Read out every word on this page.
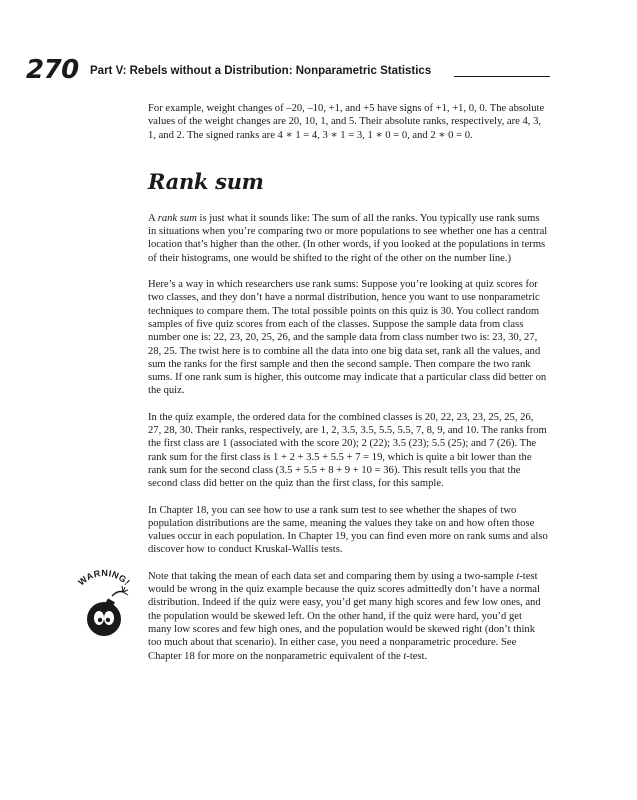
270 Part V: Rebels without a Distribution: Nonparametric Statistics

For example, weight changes of –20, –10, +1, and +5 have signs of +1, +1, 0, 0. The absolute values of the weight changes are 20, 10, 1, and 5. Their absolute ranks, respectively, are 4, 3, 1, and 2. The signed ranks are 4 ∗ 1 = 4, 3 ∗ 1 = 3, 1 ∗ 0 = 0, and 2 ∗ 0 = 0.

Rank sum

A rank sum is just what it sounds like: The sum of all the ranks. You typically use rank sums in situations when you’re comparing two or more populations to see whether one has a central location that’s higher than the other. (In other words, if you looked at the populations in terms of their histograms, one would be shifted to the right of the other on the number line.)

Here’s a way in which researchers use rank sums: Suppose you’re looking at quiz scores for two classes, and they don’t have a normal distribution, hence you want to use nonparametric techniques to compare them. The total possible points on this quiz is 30. You collect random samples of five quiz scores from each of the classes. Suppose the sample data from class number one is: 22, 23, 20, 25, 26, and the sample data from class number two is: 23, 30, 27, 28, 25. The twist here is to combine all the data into one big data set, rank all the values, and sum the ranks for the first sample and then the second sample. Then compare the two rank sums. If one rank sum is higher, this outcome may indicate that a particular class did better on the quiz.

In the quiz example, the ordered data for the combined classes is 20, 22, 23, 23, 25, 25, 26, 27, 28, 30. Their ranks, respectively, are 1, 2, 3.5, 3.5, 5.5, 5.5, 7, 8, 9, and 10. The ranks from the first class are 1 (associated with the score 20); 2 (22); 3.5 (23); 5.5 (25); and 7 (26). The rank sum for the first class is 1 + 2 + 3.5 + 5.5 + 7 = 19, which is quite a bit lower than the rank sum for the second class (3.5 + 5.5 + 8 + 9 + 10 = 36). This result tells you that the second class did better on the quiz than the first class, for this sample.

In Chapter 18, you can see how to use a rank sum test to see whether the shapes of two population distributions are the same, meaning the values they take on and how often those values occur in each population. In Chapter 19, you can find even more on rank sums and also discover how to conduct Kruskal-Wallis tests.

WARNING!
Note that taking the mean of each data set and comparing them by using a two-sample t-test would be wrong in the quiz example because the quiz scores admittedly don’t have a normal distribution. Indeed if the quiz were easy, you’d get many high scores and few low ones, and the population would be skewed left. On the other hand, if the quiz were hard, you’d get many low scores and few high ones, and the population would be skewed right (don’t think too much about that scenario). In either case, you need a nonparametric procedure. See Chapter 18 for more on the nonparametric equivalent of the t-test.
